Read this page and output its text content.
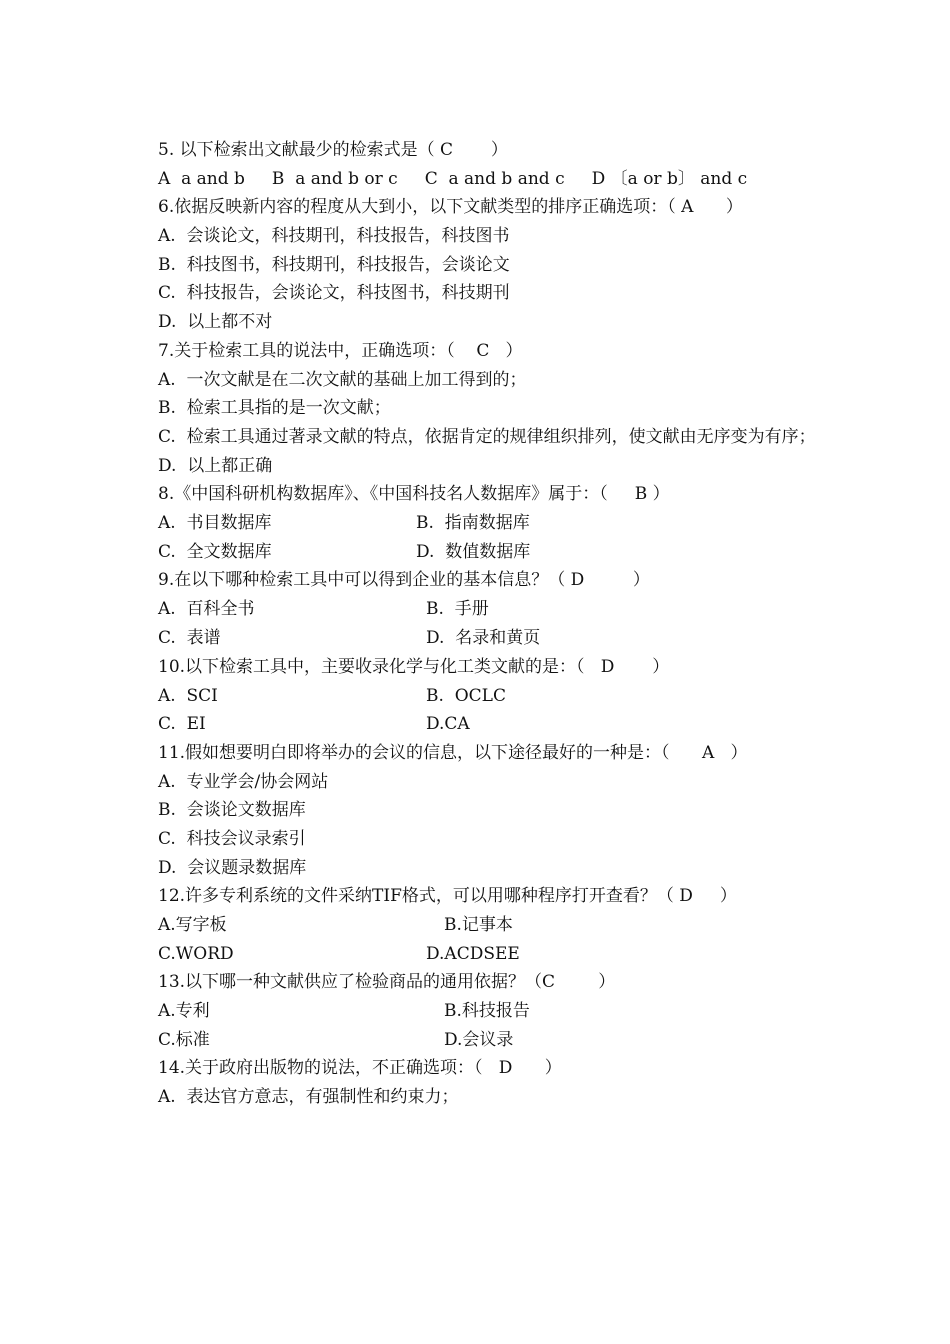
5. 以下检索出文献最少的检索式是（ C       ）
A  a and b     B  a and b or c     C  a and b and c     D 〔a or b〕 and c
6.依据反映新内容的程度从大到小，以下文献类型的排序正确选项：（ A      ）
A.  会谈论文，科技期刊，科技报告，科技图书
B.  科技图书，科技期刊，科技报告，会谈论文
C.  科技报告，会谈论文，科技图书，科技期刊
D.  以上都不对
7.关于检索工具的说法中，正确选项：（    C   ）
A.  一次文献是在二次文献的基础上加工得到的；
B.  检索工具指的是一次文献；
C.  检索工具通过著录文献的特点，依据肯定的规律组织排列，使文献由无序变为有序；
D.  以上都正确
8.《中国科研机构数据库》、《中国科技名人数据库》属于：（     B ）
A.  书目数据库	B.  指南数据库
C.  全文数据库	D.  数值数据库
9.在以下哪种检索工具中可以得到企业的基本信息？（ D         ）
A.  百科全书	B.  手册
C.  表谱	D.  名录和黄页
10.以下检索工具中，主要收录化学与化工类文献的是：（   D       ）
A.  SCI	B.  OCLC
C.  EI	D.CA
11.假如想要明白即将举办的会议的信息，以下途径最好的一种是：（      A   ）
A.  专业学会/协会网站
B.  会谈论文数据库
C.  科技会议录索引
D.  会议题录数据库
12.许多专利系统的文件采纳TIF格式，可以用哪种程序打开查看？（ D     ）
A.写字板	B.记事本
C.WORD	D.ACDSEE
13.以下哪一种文献供应了检验商品的通用依据？（C        ）
A.专利	B.科技报告
C.标准	D.会议录
14.关于政府出版物的说法，不正确选项：（   D      ）
A.  表达官方意志，有强制性和约束力；
